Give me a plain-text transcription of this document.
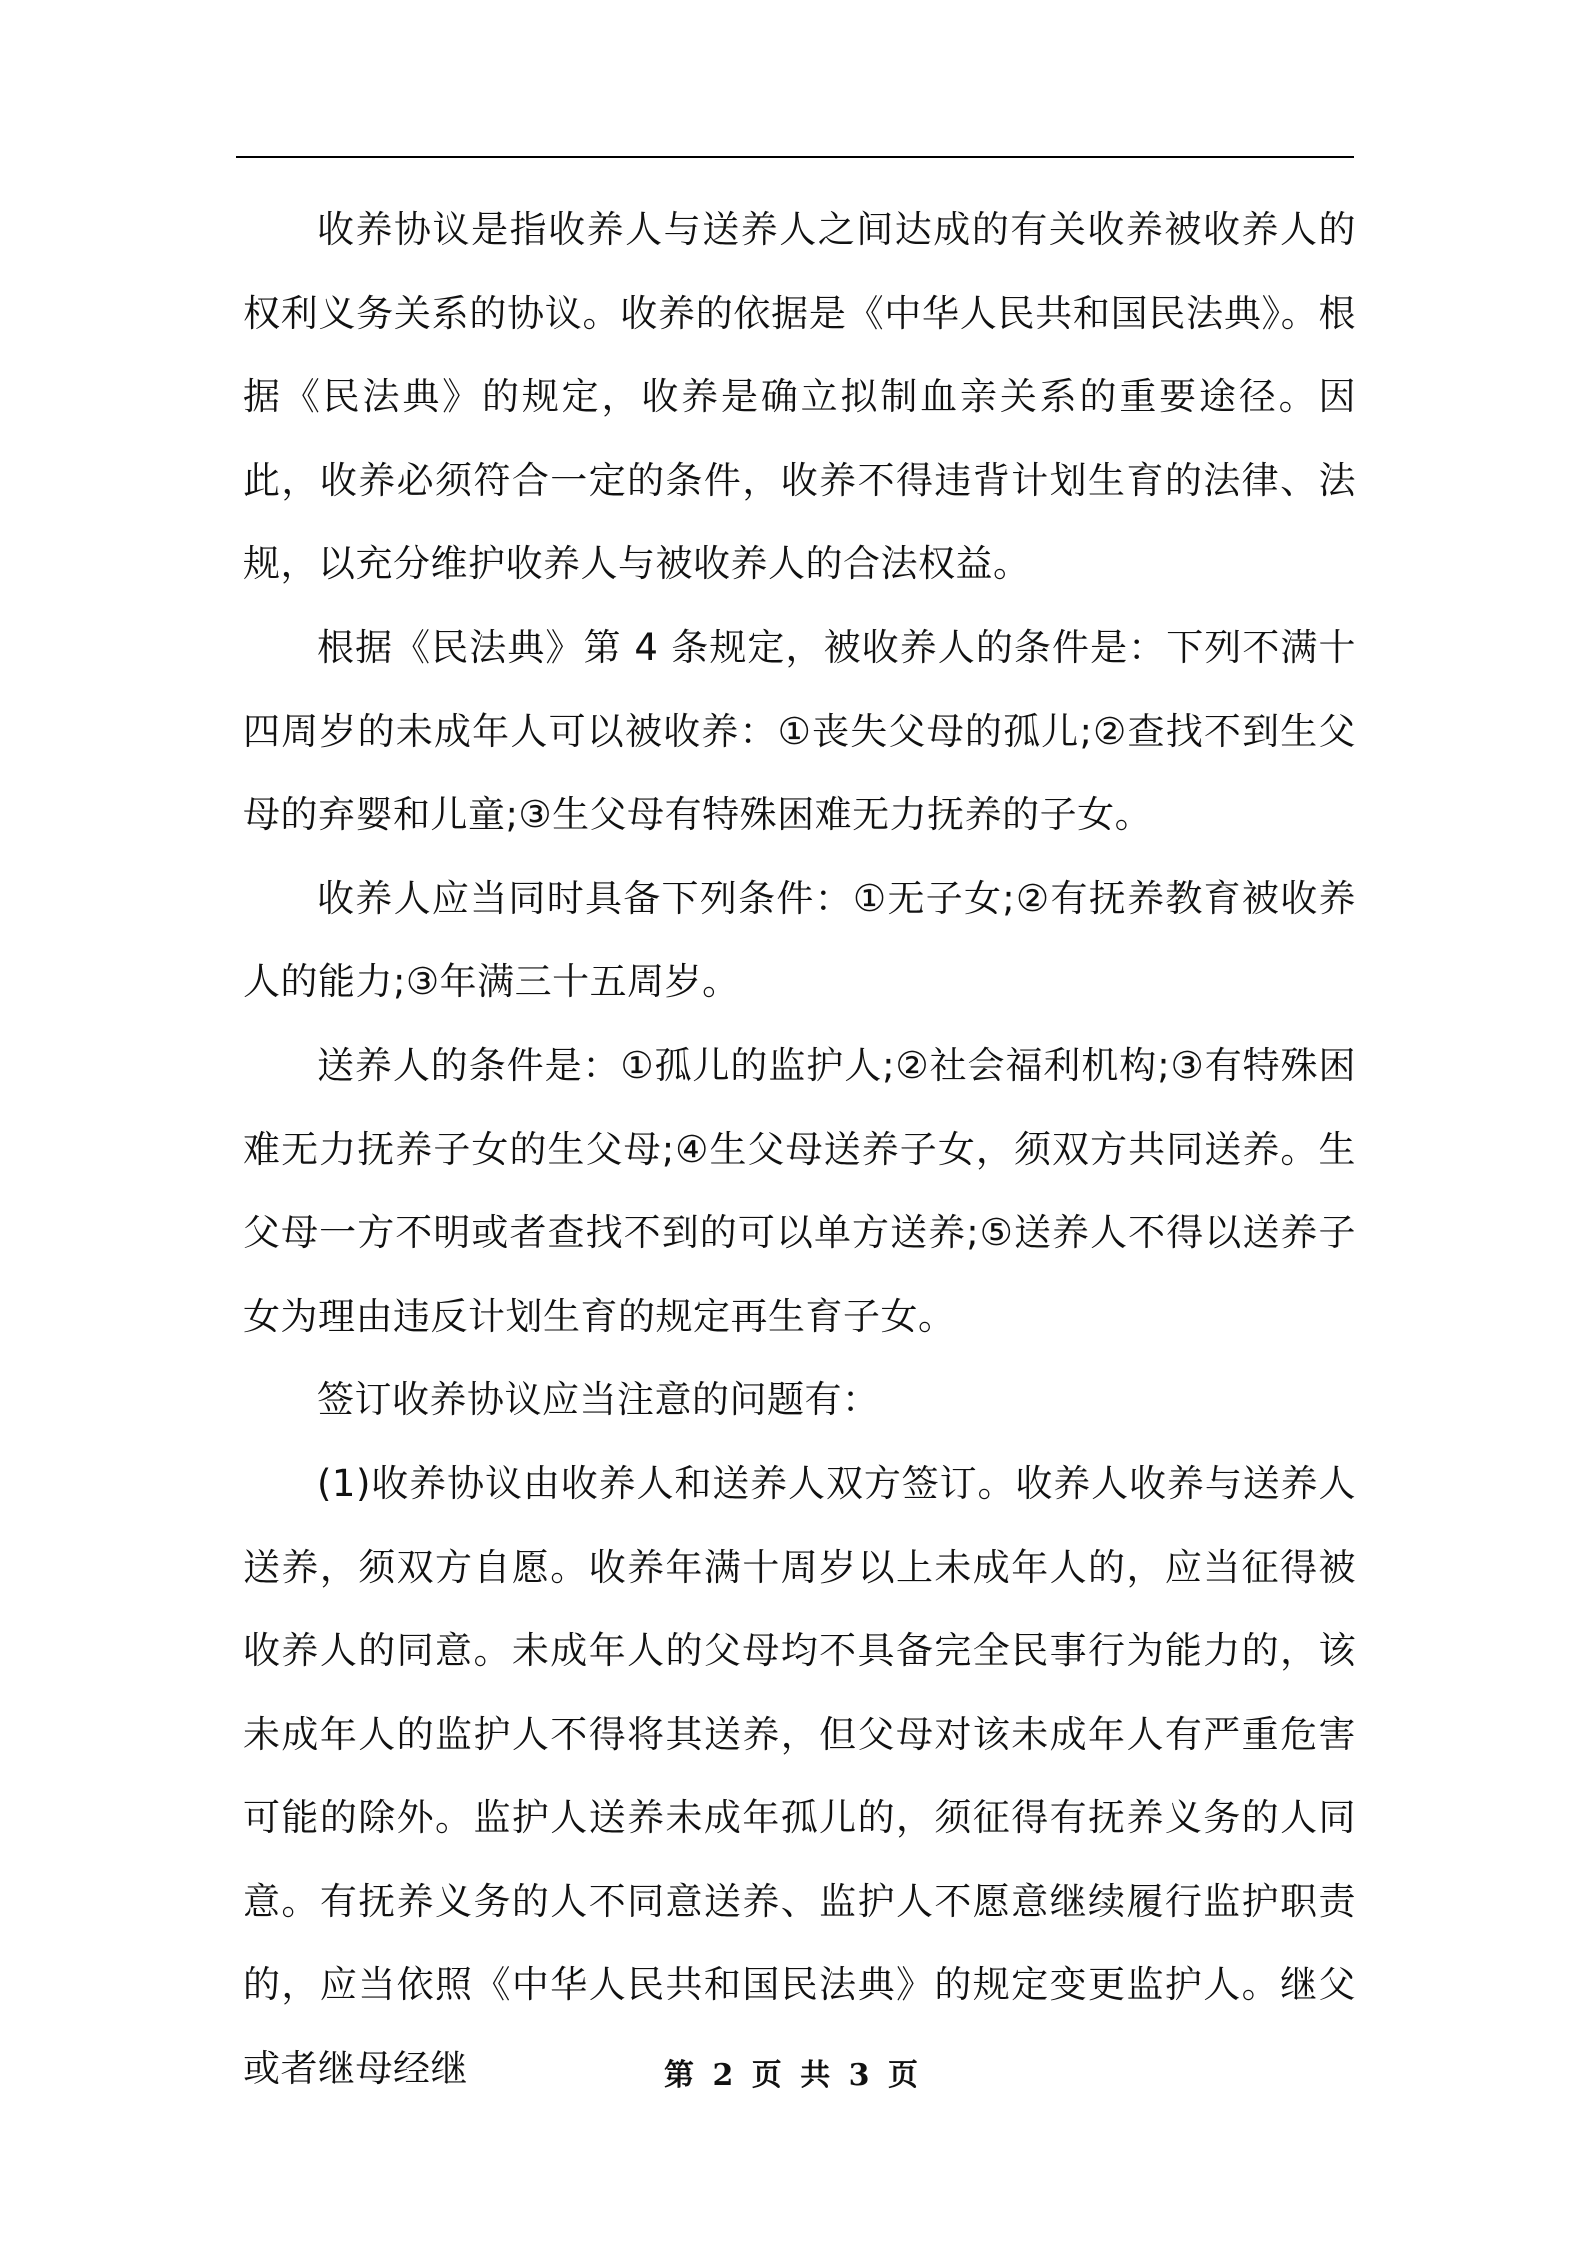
收养协议是指收养人与送养人之间达成的有关收养被收养人的权利义务关系的协议。收养的依据是《中华人民共和国民法典》。根据《民法典》的规定，收养是确立拟制血亲关系的重要途径。因此，收养必须符合一定的条件，收养不得违背计划生育的法律、法规，以充分维护收养人与被收养人的合法权益。

根据《民法典》第 4 条规定，被收养人的条件是：下列不满十四周岁的未成年人可以被收养：①丧失父母的孤儿;②查找不到生父母的弃婴和儿童;③生父母有特殊困难无力抚养的子女。

收养人应当同时具备下列条件：①无子女;②有抚养教育被收养人的能力;③年满三十五周岁。

送养人的条件是：①孤儿的监护人;②社会福利机构;③有特殊困难无力抚养子女的生父母;④生父母送养子女，须双方共同送养。生父母一方不明或者查找不到的可以单方送养;⑤送养人不得以送养子女为理由违反计划生育的规定再生育子女。

签订收养协议应当注意的问题有：

(1)收养协议由收养人和送养人双方签订。收养人收养与送养人送养，须双方自愿。收养年满十周岁以上未成年人的，应当征得被收养人的同意。未成年人的父母均不具备完全民事行为能力的，该未成年人的监护人不得将其送养，但父母对该未成年人有严重危害可能的除外。监护人送养未成年孤儿的，须征得有抚养义务的人同意。有抚养义务的人不同意送养、监护人不愿意继续履行监护职责的，应当依照《中华人民共和国民法典》的规定变更监护人。继父或者继母经继	第 2 页 共 3 页
